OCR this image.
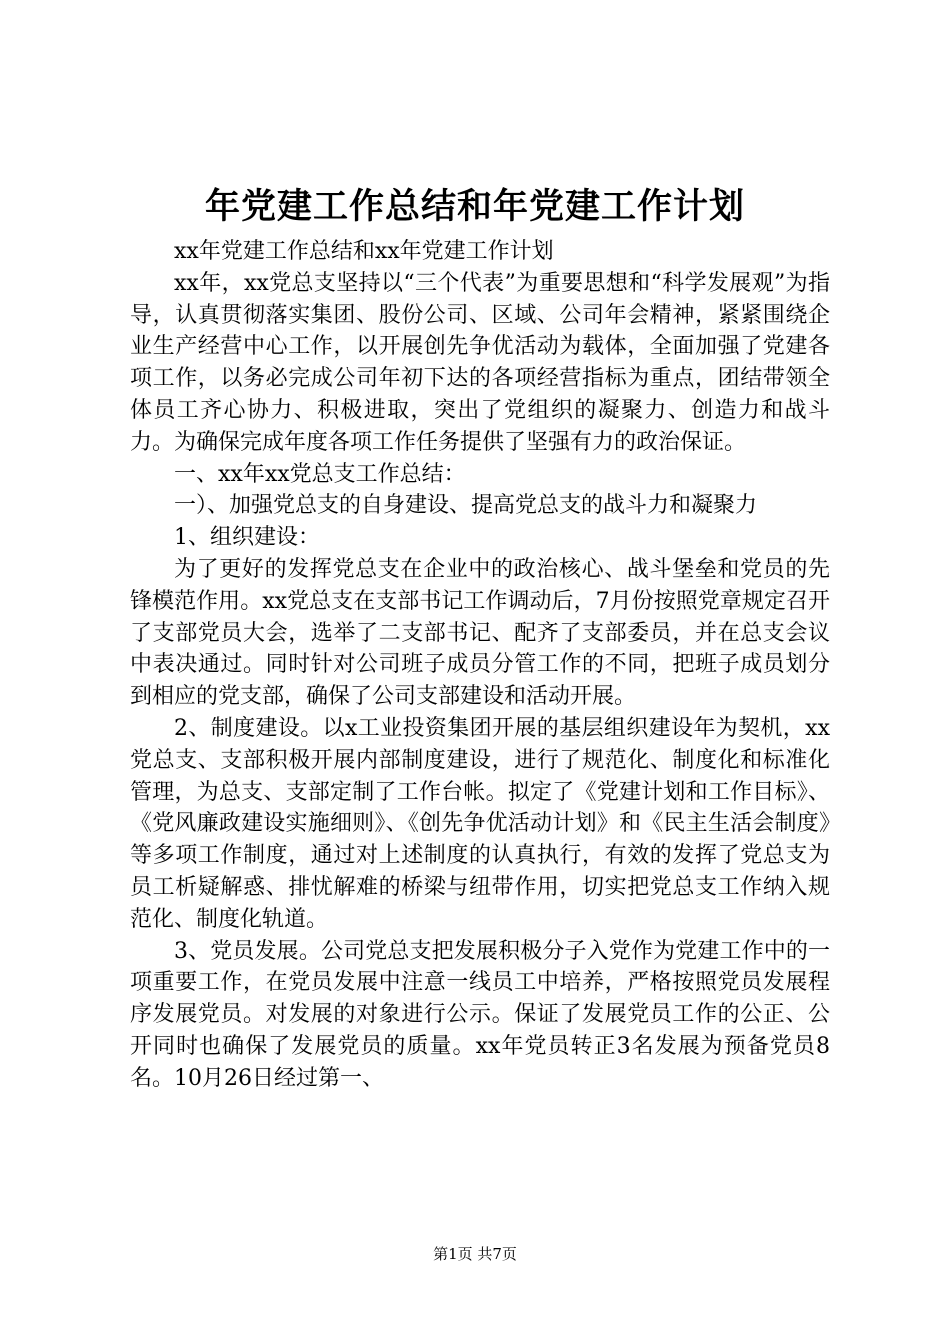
年党建工作总结和年党建工作计划

xx年党建工作总结和xx年党建工作计划

xx年，xx党总支坚持以“三个代表”为重要思想和“科学发展观”为指导，认真贯彻落实集团、股份公司、区域、公司年会精神，紧紧围绕企业生产经营中心工作，以开展创先争优活动为载体，全面加强了党建各项工作，以务必完成公司年初下达的各项经营指标为重点，团结带领全体员工齐心协力、积极进取，突出了党组织的凝聚力、创造力和战斗力。为确保完成年度各项工作任务提供了坚强有力的政治保证。

一、xx年xx党总支工作总结：

一）、加强党总支的自身建设、提高党总支的战斗力和凝聚力

1、组织建设：

为了更好的发挥党总支在企业中的政治核心、战斗堡垒和党员的先锋模范作用。xx党总支在支部书记工作调动后，7月份按照党章规定召开了支部党员大会，选举了二支部书记、配齐了支部委员，并在总支会议中表决通过。同时针对公司班子成员分管工作的不同，把班子成员划分到相应的党支部，确保了公司支部建设和活动开展。

2、制度建设。以x工业投资集团开展的基层组织建设年为契机，xx党总支、支部积极开展内部制度建设，进行了规范化、制度化和标准化管理，为总支、支部定制了工作台帐。拟定了《党建计划和工作目标》、《党风廉政建设实施细则》、《创先争优活动计划》和《民主生活会制度》等多项工作制度，通过对上述制度的认真执行，有效的发挥了党总支为员工析疑解惑、排忧解难的桥梁与纽带作用，切实把党总支工作纳入规范化、制度化轨道。

3、党员发展。公司党总支把发展积极分子入党作为党建工作中的一项重要工作，在党员发展中注意一线员工中培养，严格按照党员发展程序发展党员。对发展的对象进行公示。保证了发展党员工作的公正、公开同时也确保了发展党员的质量。xx年党员转正3名发展为预备党员8名。10月26日经过第一、

第1页 共7页
